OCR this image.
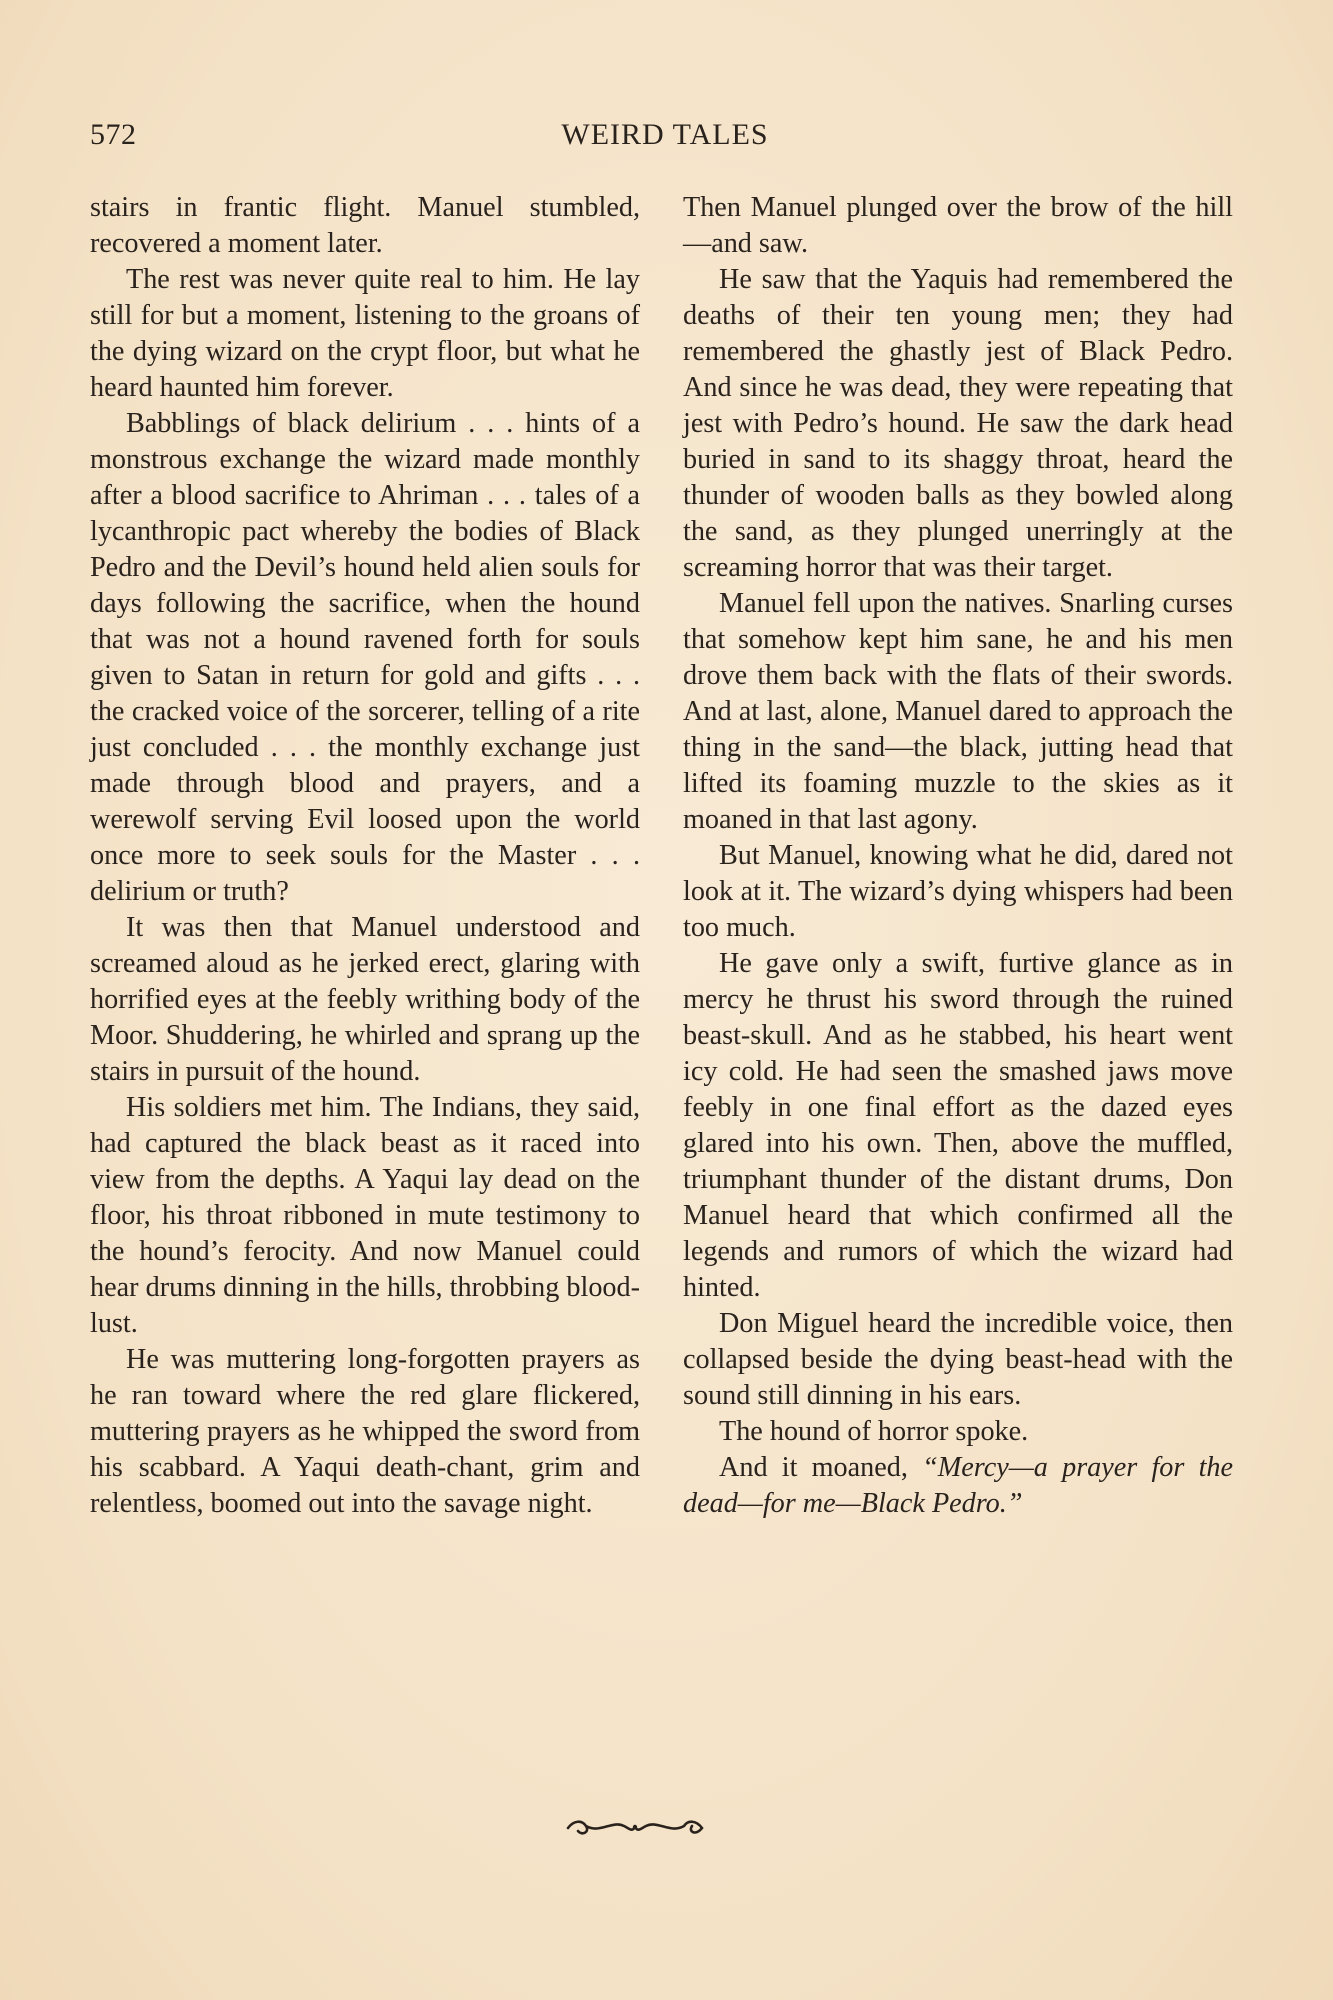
572	WEIRD TALES

stairs in frantic flight. Manuel stumbled, recovered a moment later.

The rest was never quite real to him. He lay still for but a moment, listening to the groans of the dying wizard on the crypt floor, but what he heard haunted him forever.

Babblings of black delirium . . . hints of a monstrous exchange the wizard made monthly after a blood sacrifice to Ahriman . . . tales of a lycanthropic pact whereby the bodies of Black Pedro and the Devil’s hound held alien souls for days following the sacrifice, when the hound that was not a hound ravened forth for souls given to Satan in return for gold and gifts . . . the cracked voice of the sorcerer, telling of a rite just concluded . . . the monthly exchange just made through blood and prayers, and a werewolf serving Evil loosed upon the world once more to seek souls for the Master . . . delirium or truth?

It was then that Manuel understood and screamed aloud as he jerked erect, glaring with horrified eyes at the feebly writhing body of the Moor. Shuddering, he whirled and sprang up the stairs in pursuit of the hound.

His soldiers met him. The Indians, they said, had captured the black beast as it raced into view from the depths. A Yaqui lay dead on the floor, his throat ribboned in mute testimony to the hound’s ferocity. And now Manuel could hear drums dinning in the hills, throbbing blood-lust.

He was muttering long-forgotten prayers as he ran toward where the red glare flickered, muttering prayers as he whipped the sword from his scabbard. A Yaqui death-chant, grim and relentless, boomed out into the savage night.

Then Manuel plunged over the brow of the hill—and saw.

He saw that the Yaquis had remembered the deaths of their ten young men; they had remembered the ghastly jest of Black Pedro. And since he was dead, they were repeating that jest with Pedro’s hound. He saw the dark head buried in sand to its shaggy throat, heard the thunder of wooden balls as they bowled along the sand, as they plunged unerringly at the screaming horror that was their target.

Manuel fell upon the natives. Snarling curses that somehow kept him sane, he and his men drove them back with the flats of their swords. And at last, alone, Manuel dared to approach the thing in the sand—the black, jutting head that lifted its foaming muzzle to the skies as it moaned in that last agony.

But Manuel, knowing what he did, dared not look at it. The wizard’s dying whispers had been too much.

He gave only a swift, furtive glance as in mercy he thrust his sword through the ruined beast-skull. And as he stabbed, his heart went icy cold. He had seen the smashed jaws move feebly in one final effort as the dazed eyes glared into his own. Then, above the muffled, triumphant thunder of the distant drums, Don Manuel heard that which confirmed all the legends and rumors of which the wizard had hinted.

Don Miguel heard the incredible voice, then collapsed beside the dying beast-head with the sound still dinning in his ears.

The hound of horror spoke.

And it moaned, “Mercy—a prayer for the dead—for me—Black Pedro.”
